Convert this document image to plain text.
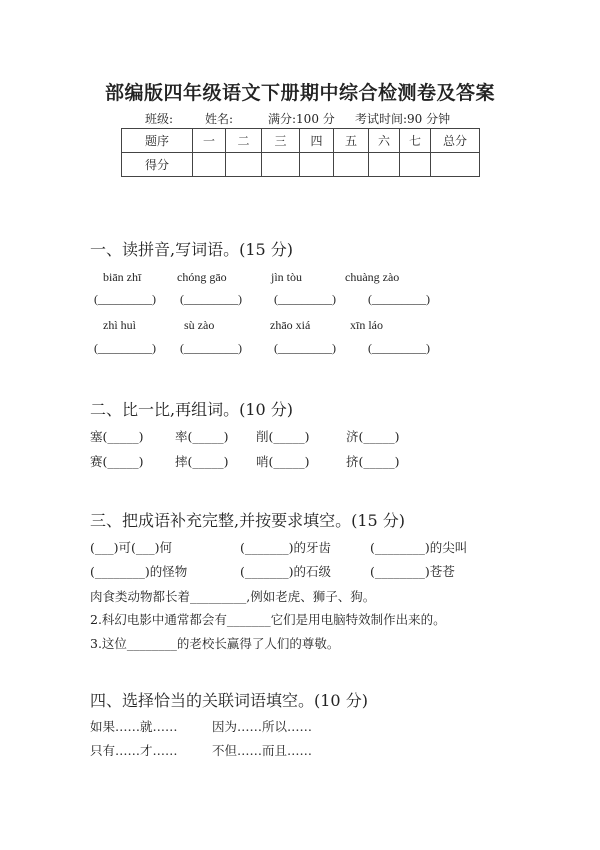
部编版四年级语文下册期中综合检测卷及答案
班级:	姓名:	满分:100 分 考试时间:90 分钟
题序	一	二	三	四	五	六	七	总分
得分								
一、读拼音,写词语。(15 分)
biān zhī	chóng gāo	jìn tòu	chuàng zào
(_________) (_________)	(_________)	(_________)
zhì huì	sù zào	zhāo xiá	xīn láo
(_________) (_________)	(_________)	(_________)
二、比一比,再组词。(10 分)
塞(_____)	率(_____) 削(_____)	济(_____)
赛(_____)	摔(_____) 哨(_____)	挤(_____)
三、把成语补充完整,并按要求填空。(15 分)
(___)可(___)何	(_______)的牙齿	(________)的尖叫
(________)的怪物	(_______)的石级	(________)苍苍
肉食类动物都长着_________,例如老虎、狮子、狗。
2.科幻电影中通常都会有_______它们是用电脑特效制作出来的。
3.这位________的老校长赢得了人们的尊敬。
四、选择恰当的关联词语填空。(10 分)
如果……就……	因为……所以……
只有……才……	不但……而且……
